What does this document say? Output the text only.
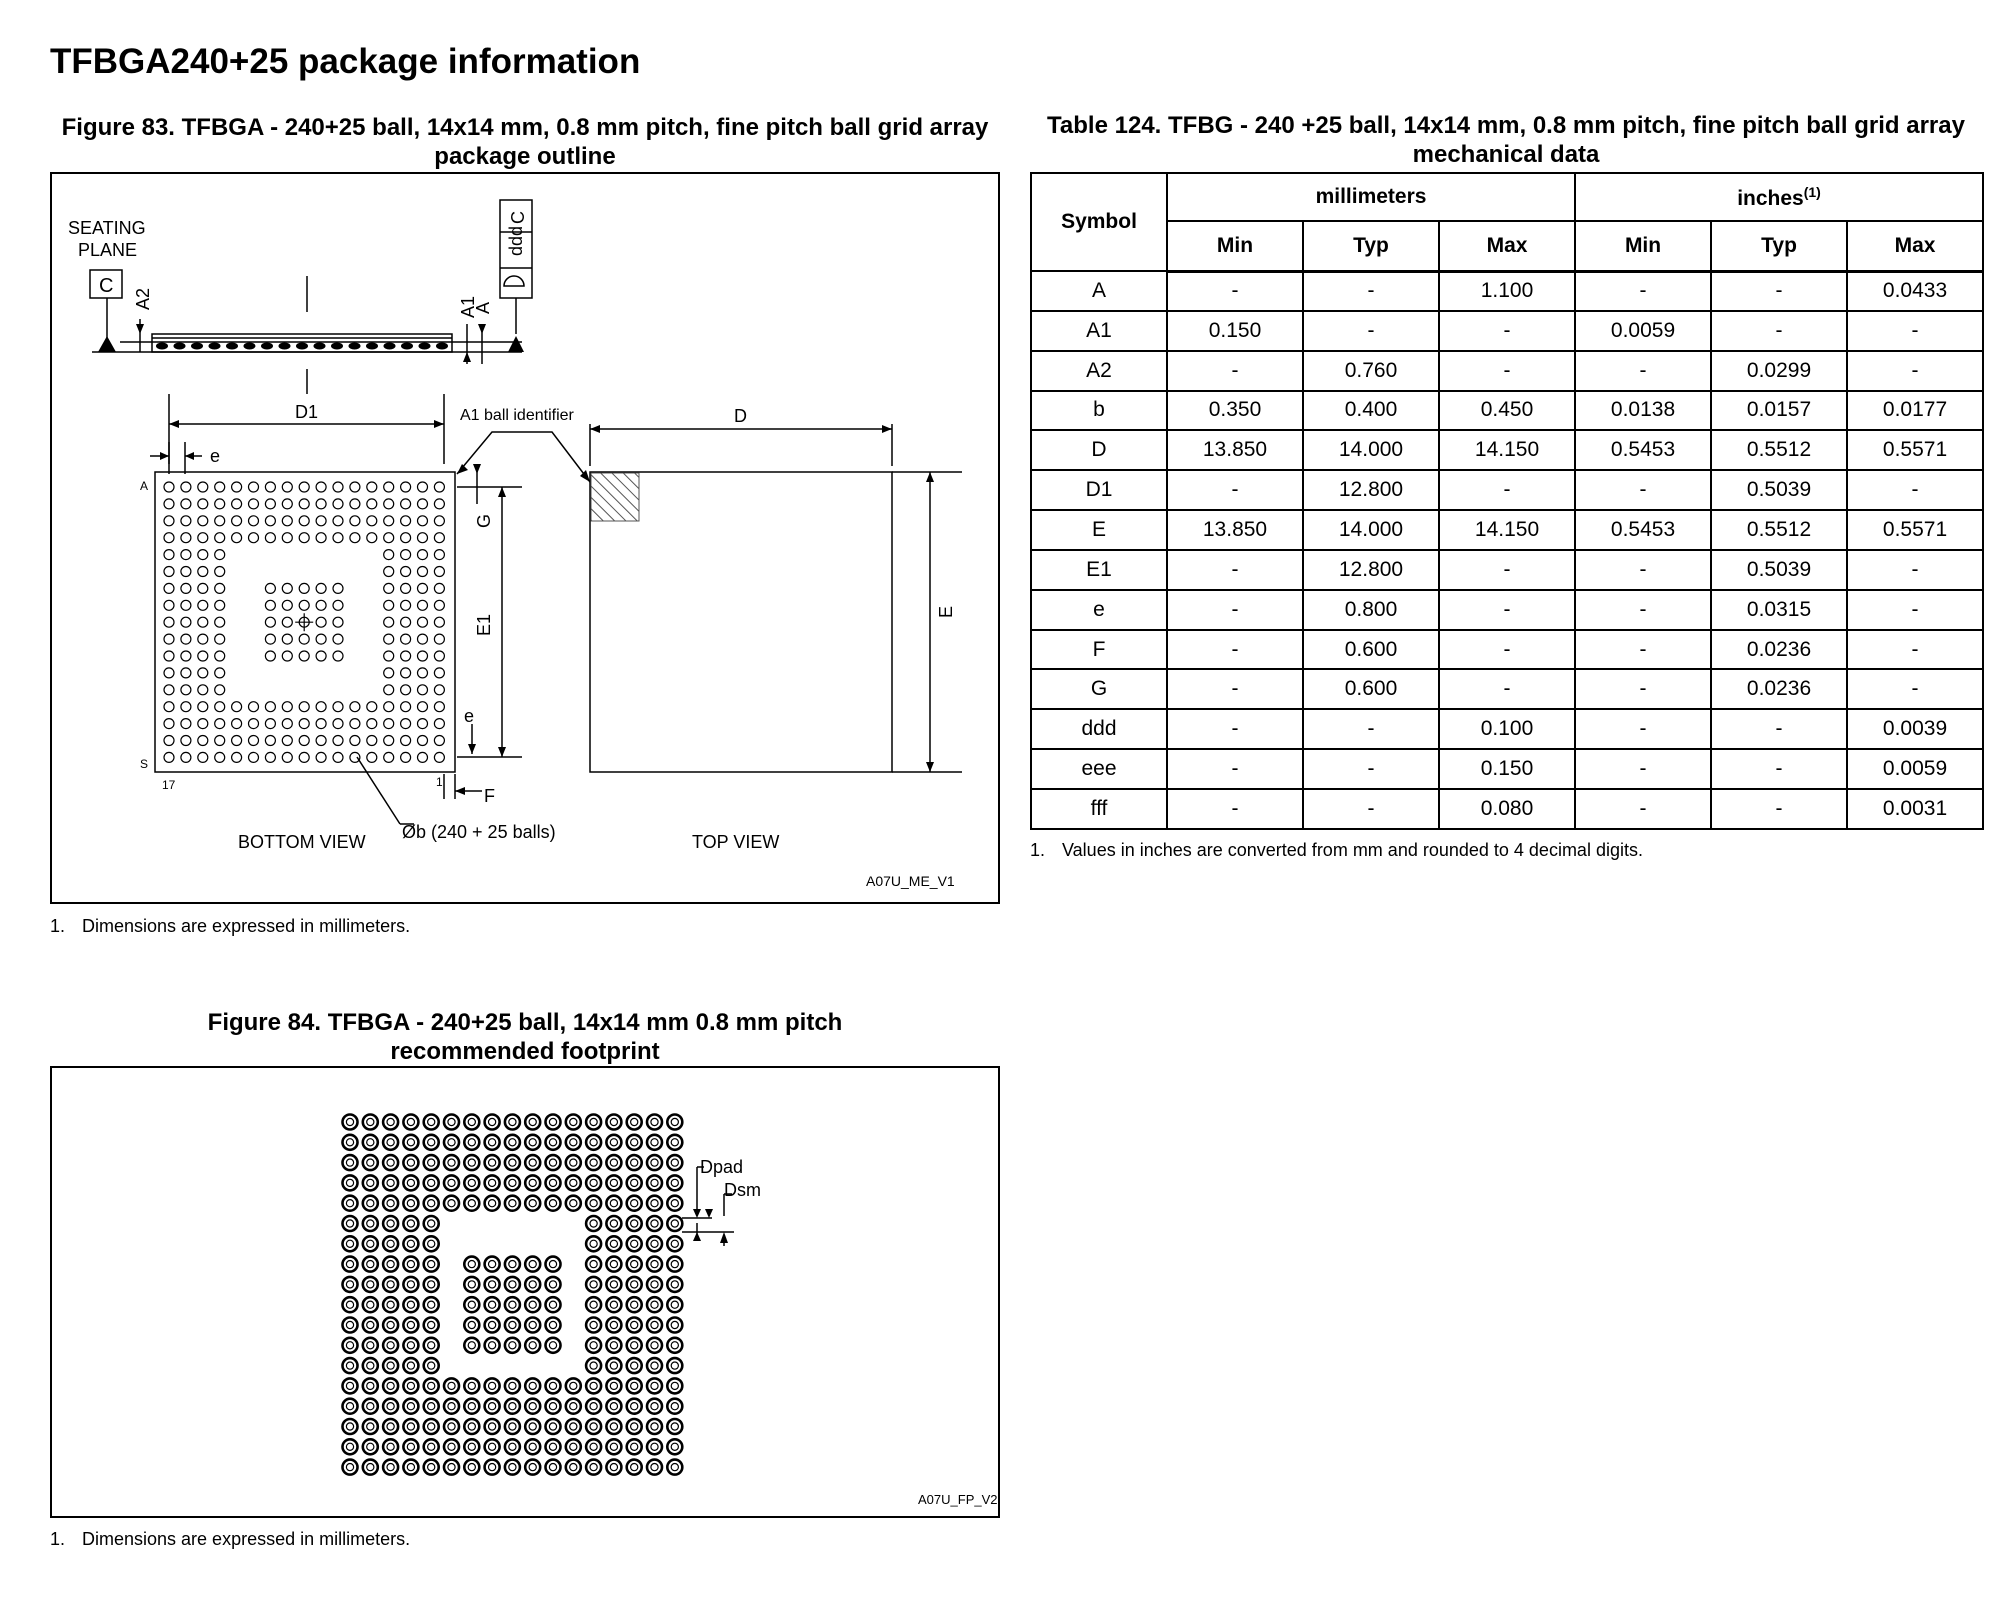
TFBGA240+25 package information
Figure 83. TFBGA - 240+25 ball, 14x14 mm, 0.8 mm pitch, fine pitch ball grid array
package outline
SEATING
PLANE
C
ddd
C
A2	A1
A
D1	D
e
e
E
E1
G
F
A
S
17	1
A1 ball identifier
Øb (240 + 25 balls)
BOTTOM VIEW	TOP VIEW
A07U_ME_V1
1. Dimensions are expressed in millimeters.
Figure 84. TFBGA - 240+25 ball, 14x14 mm 0.8 mm pitch
recommended footprint
Dpad
Dsm
A07U_FP_V2
1. Dimensions are expressed in millimeters.
Table 124. TFBG - 240 +25 ball, 14x14 mm, 0.8 mm pitch, fine pitch ball grid array
mechanical data
Symbol	millimeters			inches$^{(1)}$
	Min	Typ	Max	Min	Typ	Max
A	-	-	1.100	-	-	0.0433
A1	0.150	-	-	0.0059	-	-
A2	-	0.760	-	-	0.0299	-
b	0.350	0.400	0.450	0.0138	0.0157	0.0177
D	13.850	14.000	14.150	0.5453	0.5512	0.5571
D1	-	12.800	-	-	0.5039	-
E	13.850	14.000	14.150	0.5453	0.5512	0.5571
E1	-	12.800	-	-	0.5039	-
e	-	0.800	-	-	0.0315	-
F	-	0.600	-	-	0.0236	-
G	-	0.600	-	-	0.0236	-
ddd	-	-	0.100	-	-	0.0039
eee	-	-	0.150	-	-	0.0059
fff	-	-	0.080	-	-	0.0031
1. Values in inches are converted from mm and rounded to 4 decimal digits.
